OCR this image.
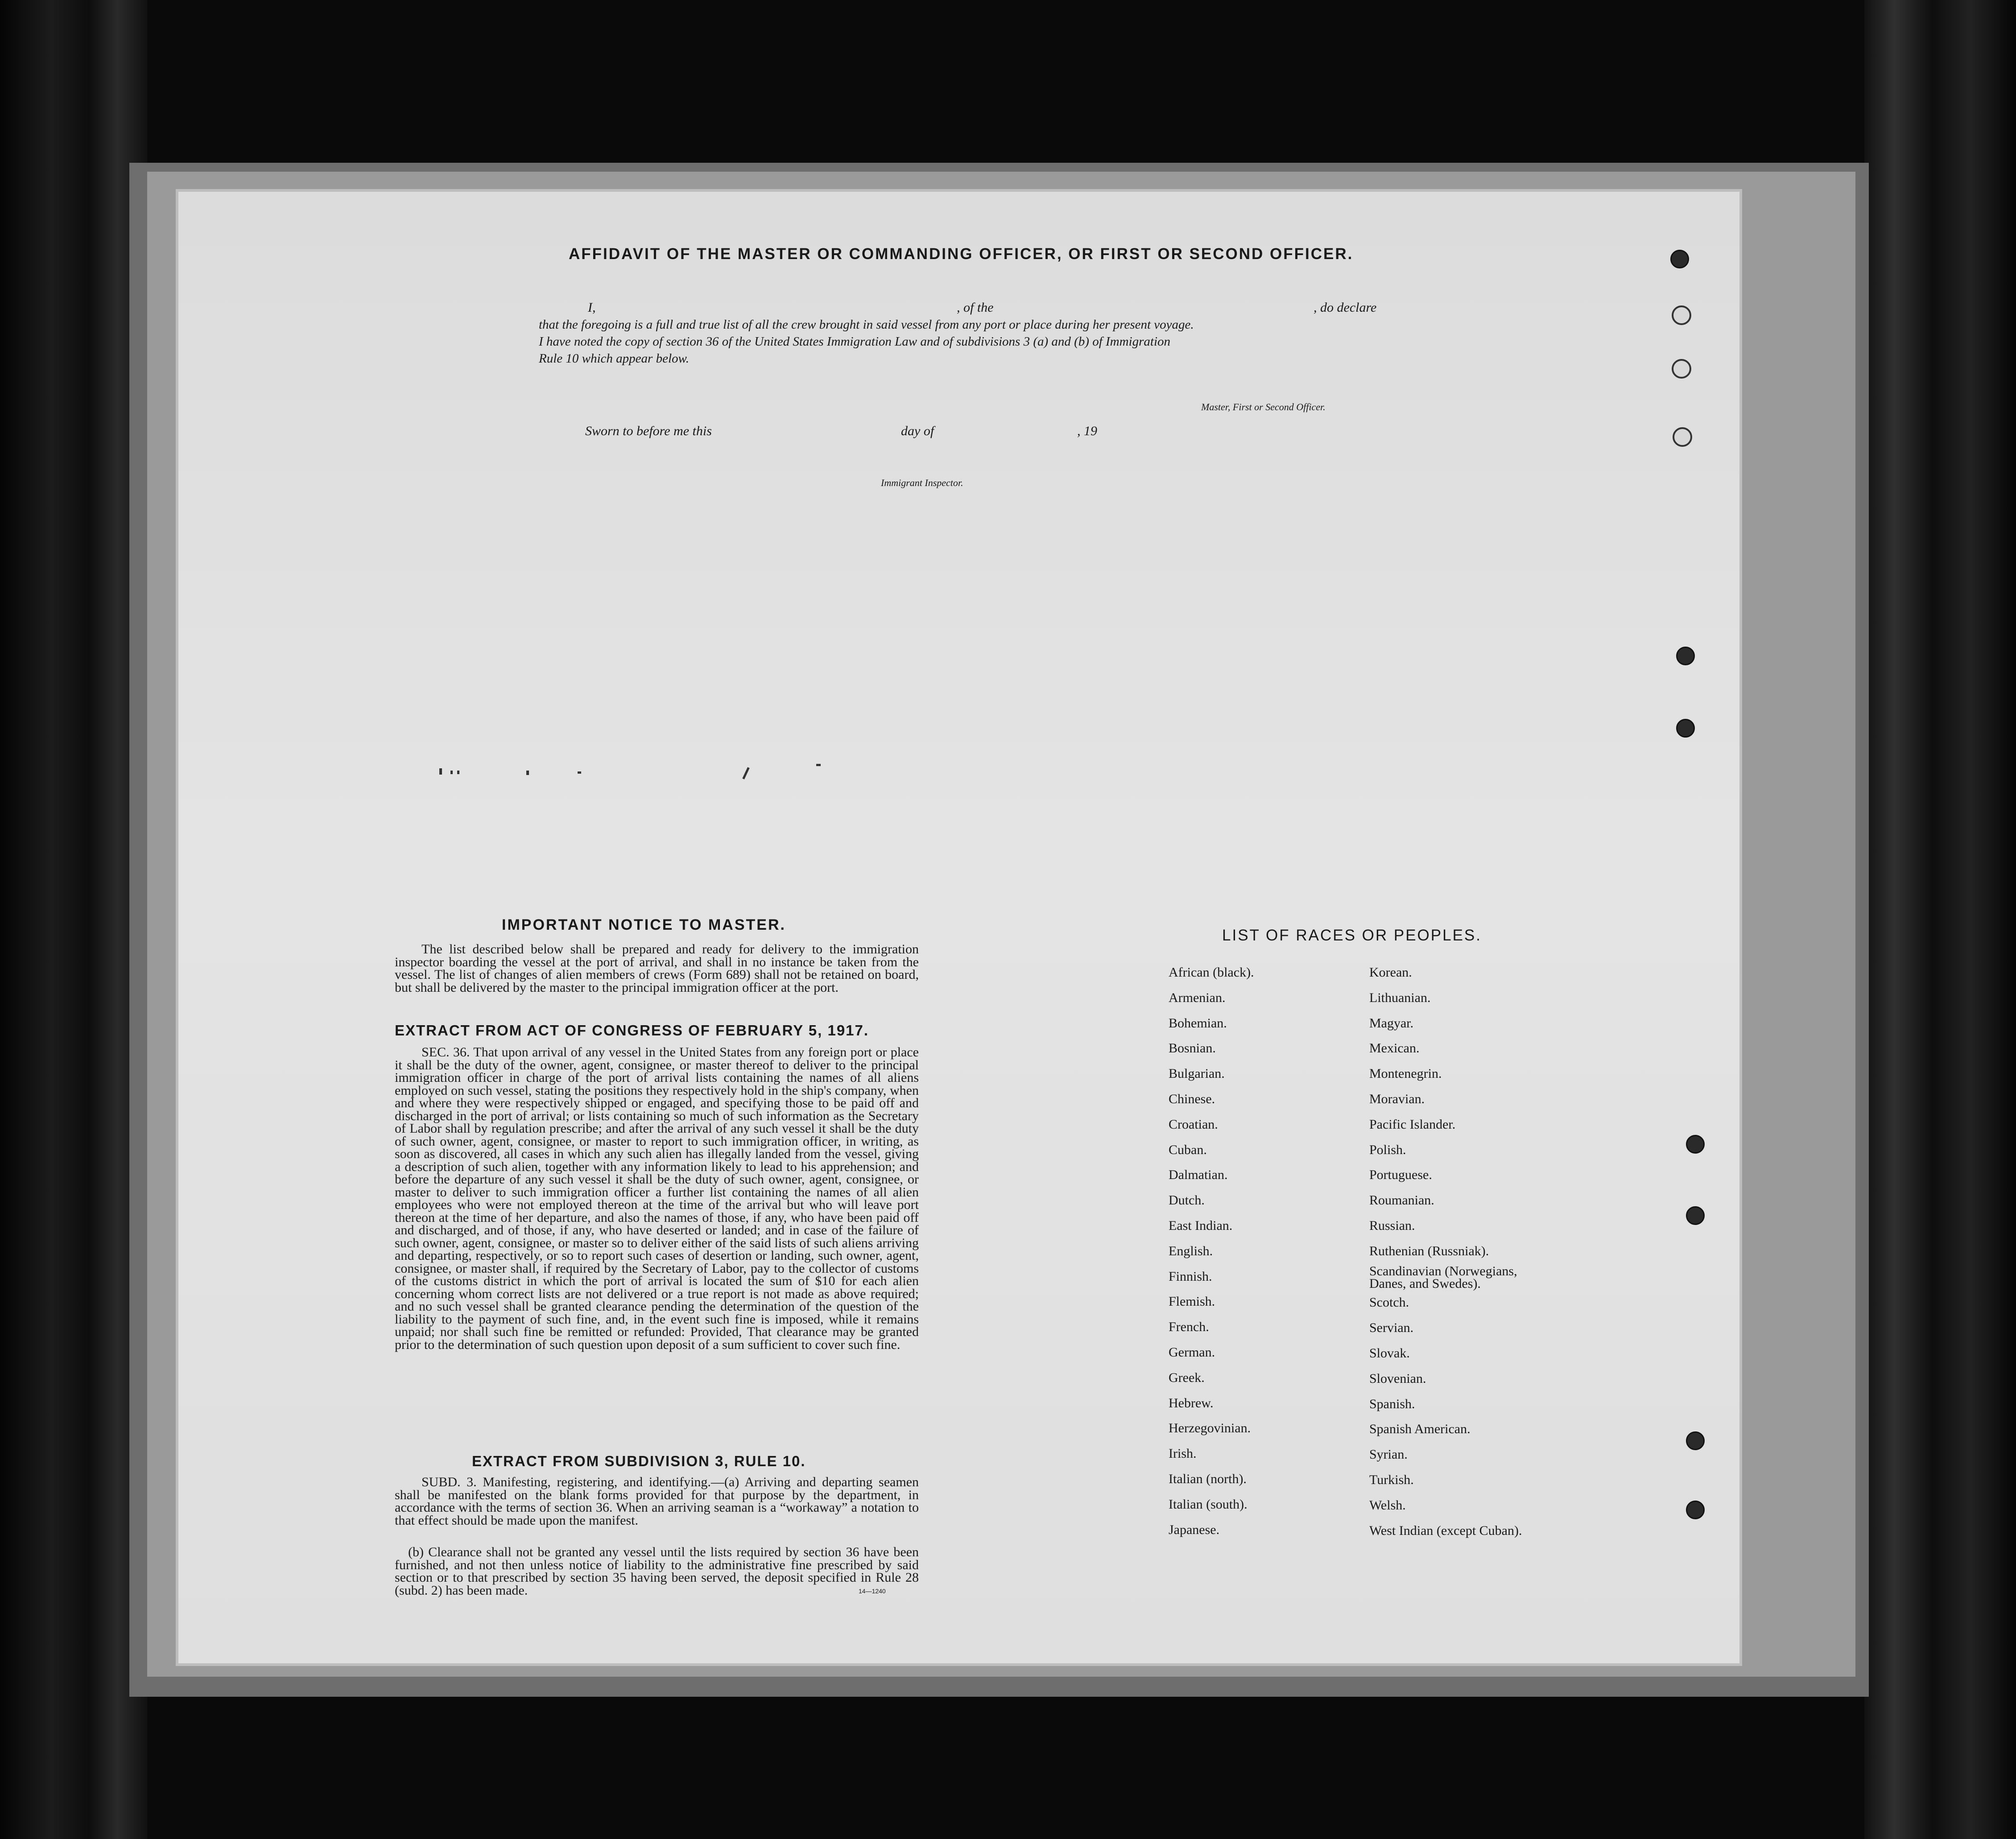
AFFIDAVIT OF THE MASTER OR COMMANDING OFFICER, OR FIRST OR SECOND OFFICER.
I,	, of the	, do declare
that the foregoing is a full and true list of all the crew brought in said vessel from any port or place during her present voyage.
I have noted the copy of section 36 of the United States Immigration Law and of subdivisions 3 (a) and (b) of Immigration
Rule 10 which appear below.
Master, First or Second Officer.
Sworn to before me this	day of	, 19
Immigrant Inspector.
IMPORTANT NOTICE TO MASTER.
The list described below shall be prepared and ready for delivery to the immigration inspector boarding the vessel at the port of arrival, and shall in no instance be taken from the vessel. The list of changes of alien members of crews (Form 689) shall not be retained on board, but shall be delivered by the master to the principal immigration officer at the port.
EXTRACT FROM ACT OF CONGRESS OF FEBRUARY 5, 1917.
SEC. 36. That upon arrival of any vessel in the United States from any foreign port or place it shall be the duty of the owner, agent, consignee, or master thereof to deliver to the principal immigration officer in charge of the port of arrival lists containing the names of all aliens employed on such vessel, stating the positions they respectively hold in the ship's company, when and where they were respectively shipped or engaged, and specifying those to be paid off and discharged in the port of arrival; or lists containing so much of such information as the Secretary of Labor shall by regulation prescribe; and after the arrival of any such vessel it shall be the duty of such owner, agent, consignee, or master to report to such immigration officer, in writing, as soon as discovered, all cases in which any such alien has illegally landed from the vessel, giving a description of such alien, together with any information likely to lead to his apprehension; and before the departure of any such vessel it shall be the duty of such owner, agent, consignee, or master to deliver to such immigration officer a further list containing the names of all alien employees who were not employed thereon at the time of the arrival but who will leave port thereon at the time of her departure, and also the names of those, if any, who have been paid off and discharged, and of those, if any, who have deserted or landed; and in case of the failure of such owner, agent, consignee, or master so to deliver either of the said lists of such aliens arriving and departing, respectively, or so to report such cases of desertion or landing, such owner, agent, consignee, or master shall, if required by the Secretary of Labor, pay to the collector of customs of the customs district in which the port of arrival is located the sum of $10 for each alien concerning whom correct lists are not delivered or a true report is not made as above required; and no such vessel shall be granted clearance pending the determination of the question of the liability to the payment of such fine, and, in the event such fine is imposed, while it remains unpaid; nor shall such fine be remitted or refunded: Provided, That clearance may be granted prior to the determination of such question upon deposit of a sum sufficient to cover such fine.
EXTRACT FROM SUBDIVISION 3, RULE 10.
SUBD. 3. Manifesting, registering, and identifying.—(a) Arriving and departing seamen shall be manifested on the blank forms provided for that purpose by the department, in accordance with the terms of section 36. When an arriving seaman is a “workaway” a notation to that effect should be made upon the manifest.
(b) Clearance shall not be granted any vessel until the lists required by section 36 have been furnished, and not then unless notice of liability to the administrative fine prescribed by said section or to that prescribed by section 35 having been served, the deposit specified in Rule 28 (subd. 2) has been made.	14—1240
LIST OF RACES OR PEOPLES.
African (black).
Armenian.
Bohemian.
Bosnian.
Bulgarian.
Chinese.
Croatian.
Cuban.
Dalmatian.
Dutch.
East Indian.
English.
Finnish.
Flemish.
French.
German.
Greek.
Hebrew.
Herzegovinian.
Irish.
Italian (north).
Italian (south).
Japanese.
Korean.
Lithuanian.
Magyar.
Mexican.
Montenegrin.
Moravian.
Pacific Islander.
Polish.
Portuguese.
Roumanian.
Russian.
Ruthenian (Russniak).
Scandinavian (Norwegians, Danes, and Swedes).
Scotch.
Servian.
Slovak.
Slovenian.
Spanish.
Spanish American.
Syrian.
Turkish.
Welsh.
West Indian (except Cuban).
